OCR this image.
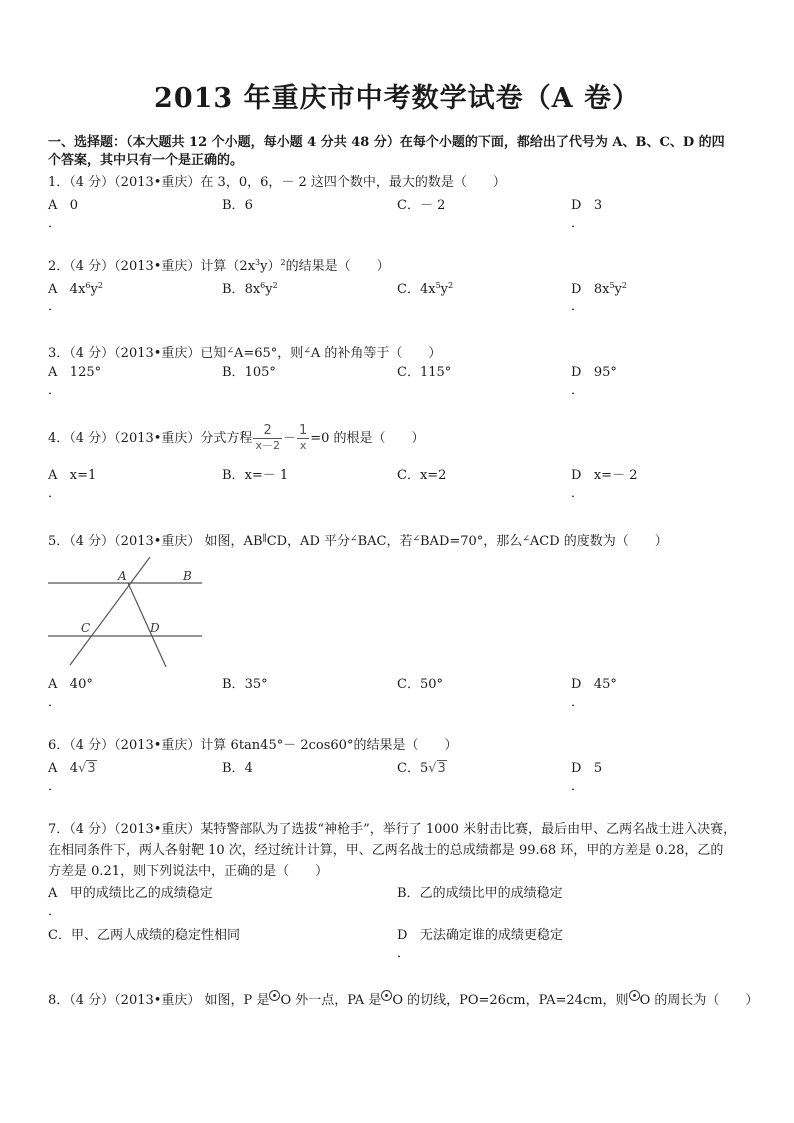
2013 年重庆市中考数学试卷（A 卷）
一、选择题：（本大题共 12 个小题，每小题 4 分共 48 分）在每个小题的下面，都给出了代号为 A、B、C、D 的四
个答案，其中只有一个是正确的。
1．（4 分）（2013•重庆）在 3，0，6，－ 2 这四个数中，最大的数是（　　）
A 0
．
B．6	C．－ 2	D 3
．
2．（4 分）（2013•重庆）计算$(2x^3y)^2$的结果是（　　）
A $4x^6y^2$
．
B．$8x^6y^2$	C．$4x^5y^2$	D $8x^5y^2$
．
3．（4 分）（2013•重庆）已知∠A=65°，则∠A 的补角等于（　　）
A 125°
．
B．105°	C．115°	D 95°
．
4．（4 分）（2013•重庆）分式方程 $\frac{2}{x-2} - \frac{1}{x} =0$ 的根是（　　）
A x=1
．
B．x=－ 1	C．x=2	D x=－ 2
．
5．（4 分）（2013•重庆） 如图，AB∥CD，AD 平分∠BAC，若∠BAD=70°，那么∠ACD 的度数为（　　）
A	B
C	D
A 40°
．
B．35°	C．50°	D 45°
．
6．（4 分）（2013•重庆）计算 6tan45°－ 2cos60°的结果是（　　）
A 4√3
．
B．4	C．5√3	D 5
．
7．（4 分）（2013•重庆）某特警部队为了选拔“神枪手”，举行了 1000 米射击比赛，最后由甲、乙两名战士进入决赛，
在相同条件下，两人各射靶 10 次，经过统计计算，甲、乙两名战士的总成绩都是 99.68 环，甲的方差是 0.28，乙的
方差是 0.21，则下列说法中，正确的是（　　）
A 甲的成绩比乙的成绩稳定
．
B．乙的成绩比甲的成绩稳定
C．甲、乙两人成绩的稳定性相同	D 无法确定谁的成绩更稳定
．
8．（4 分）（2013•重庆） 如图，P 是 O 外一点，PA 是 O 的切线，PO=26cm，PA=24cm，则 O 的周长为（　　）
